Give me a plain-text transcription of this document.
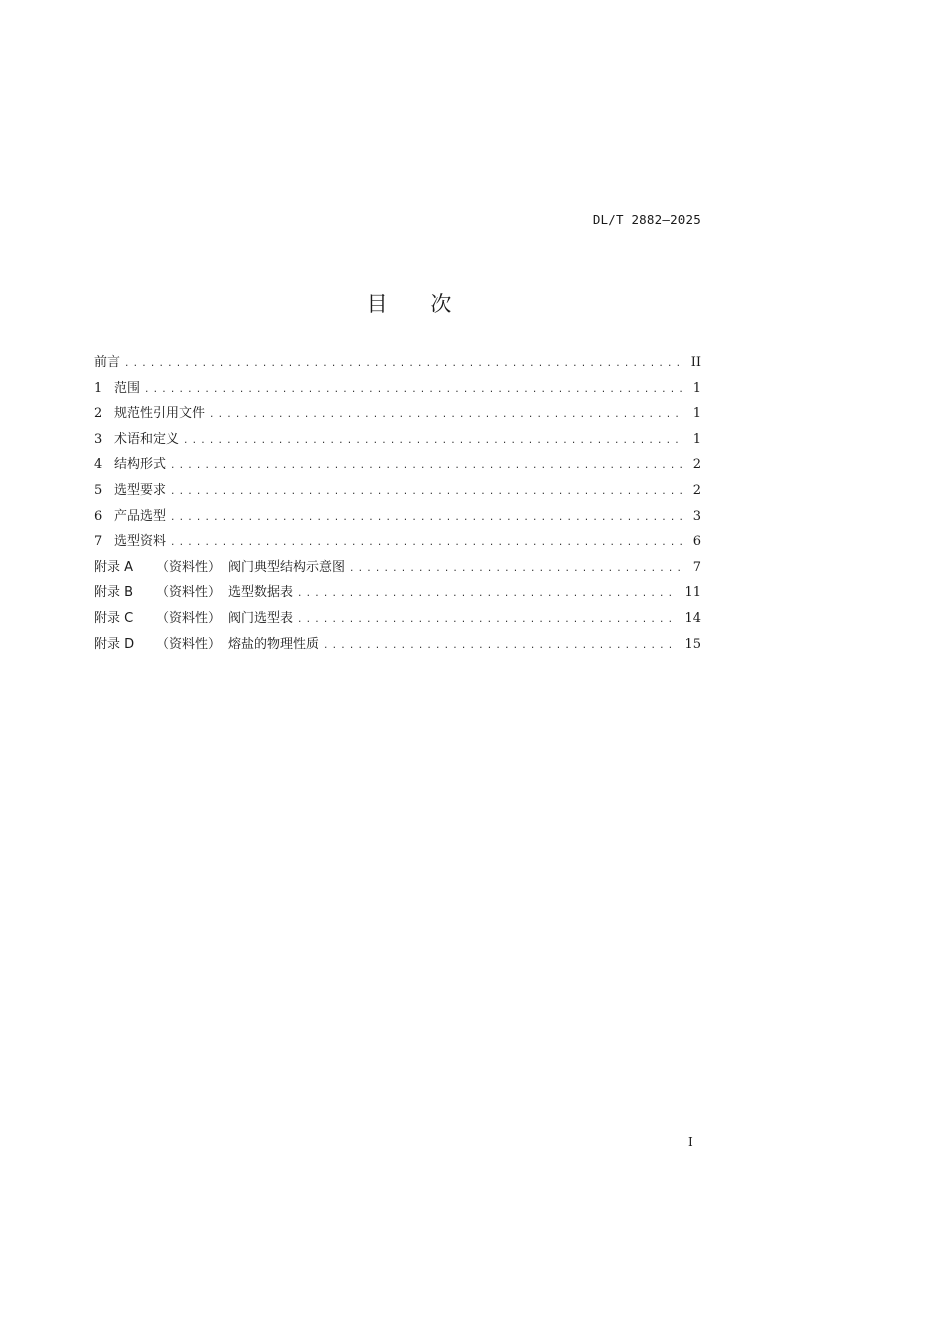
DL/T 2882—2025
目 次
前言 .....	II
1 范围 .....	1
2 规范性引用文件 .....	1
3 术语和定义 .....	1
4 结构形式 .....	2
5 选型要求 .....	2
6 产品选型 .....	3
7 选型资料 .....	6
附录 A	（资料性） 阀门典型结构示意图 .....	7
附录 B	（资料性） 选型数据表 .....	11
附录 C	（资料性） 阀门选型表 .....	14
附录 D	（资料性） 熔盐的物理性质 .....	15
I
